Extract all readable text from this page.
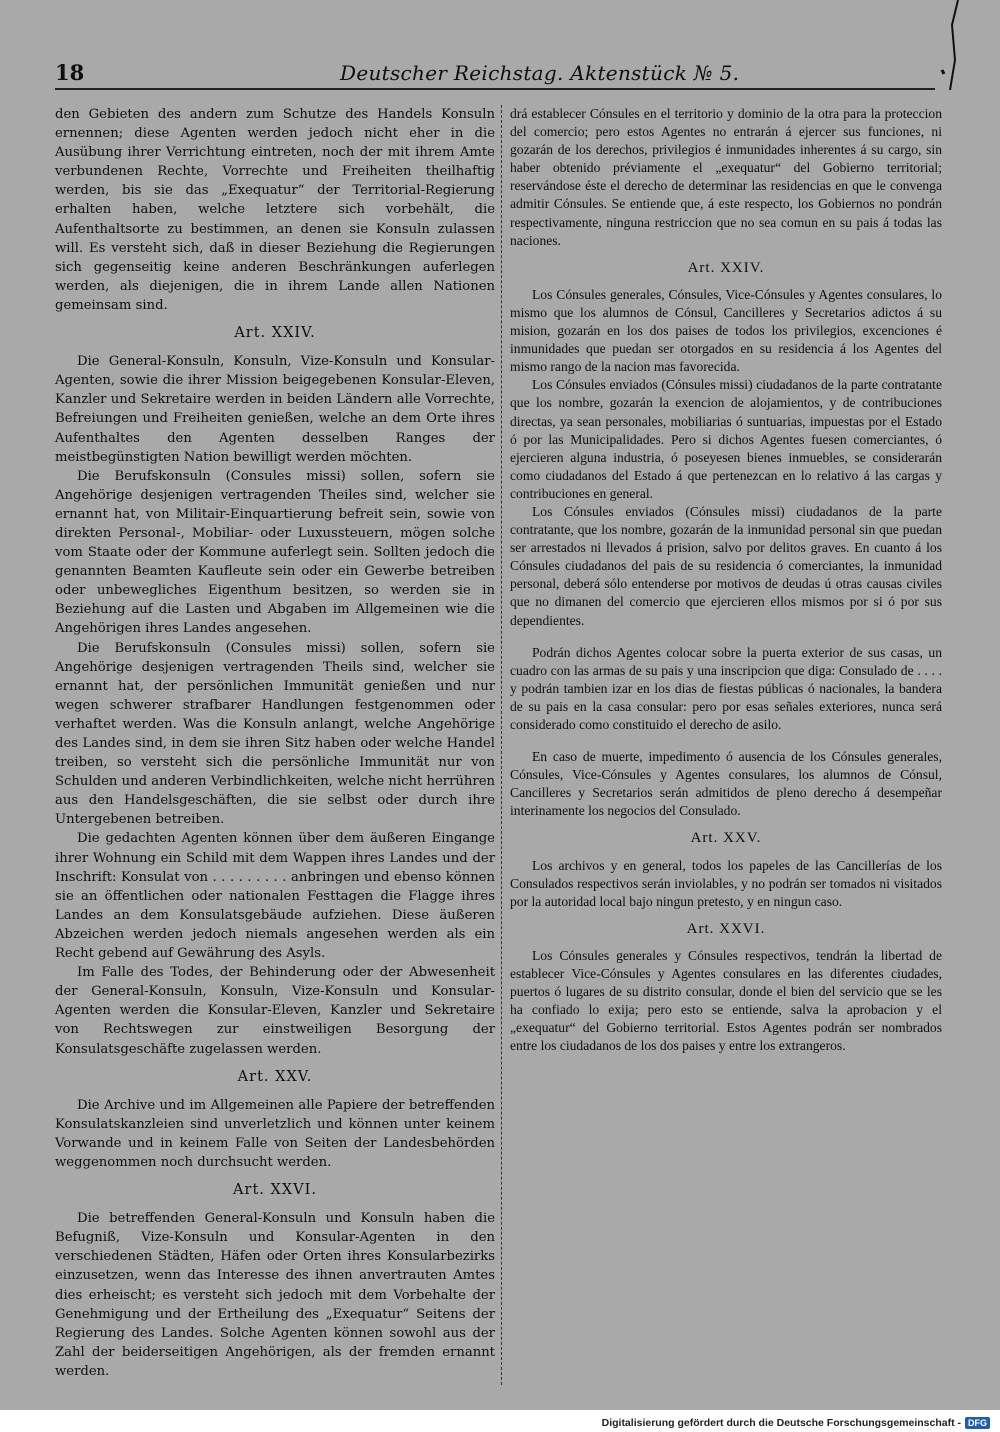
18	Deutscher Reichstag. Aktenstück № 5.

den Gebieten des andern zum Schutze des Handels Konsuln ernennen; diese Agenten werden jedoch nicht eher in die Ausübung ihrer Verrichtung eintreten, noch der mit ihrem Amte verbundenen Rechte, Vorrechte und Freiheiten theilhaftig werden, bis sie das „Exequatur“ der Territorial-Regierung erhalten haben, welche letztere sich vorbehält, die Aufenthaltsorte zu bestimmen, an denen sie Konsuln zulassen will. Es versteht sich, daß in dieser Beziehung die Regierungen sich gegenseitig keine anderen Beschränkungen auferlegen werden, als diejenigen, die in ihrem Lande allen Nationen gemeinsam sind.

Art. XXIV.

Die General-Konsuln, Konsuln, Vize-Konsuln und Konsular-Agenten, sowie die ihrer Mission beigegebenen Konsular-Eleven, Kanzler und Sekretaire werden in beiden Ländern alle Vorrechte, Befreiungen und Freiheiten genießen, welche an dem Orte ihres Aufenthaltes den Agenten desselben Ranges der meistbegünstigten Nation bewilligt werden möchten.

Die Berufskonsuln (Consules missi) sollen, sofern sie Angehörige desjenigen vertragenden Theiles sind, welcher sie ernannt hat, von Militair-Einquartierung befreit sein, sowie von direkten Personal-, Mobiliar- oder Luxussteuern, mögen solche vom Staate oder der Kommune auferlegt sein. Sollten jedoch die genannten Beamten Kaufleute sein oder ein Gewerbe betreiben oder unbewegliches Eigenthum besitzen, so werden sie in Beziehung auf die Lasten und Abgaben im Allgemeinen wie die Angehörigen ihres Landes angesehen.

Die Berufskonsuln (Consules missi) sollen, sofern sie Angehörige desjenigen vertragenden Theils sind, welcher sie ernannt hat, der persönlichen Immunität genießen und nur wegen schwerer strafbarer Handlungen festgenommen oder verhaftet werden. Was die Konsuln anlangt, welche Angehörige des Landes sind, in dem sie ihren Sitz haben oder welche Handel treiben, so versteht sich die persönliche Immunität nur von Schulden und anderen Verbindlichkeiten, welche nicht herrühren aus den Handelsgeschäften, die sie selbst oder durch ihre Untergebenen betreiben.

Die gedachten Agenten können über dem äußeren Eingange ihrer Wohnung ein Schild mit dem Wappen ihres Landes und der Inschrift: Konsulat von . . . . . . . . . anbringen und ebenso können sie an öffentlichen oder nationalen Festtagen die Flagge ihres Landes an dem Konsulatsgebäude aufziehen. Diese äußeren Abzeichen werden jedoch niemals angesehen werden als ein Recht gebend auf Gewährung des Asyls.

Im Falle des Todes, der Behinderung oder der Abwesenheit der General-Konsuln, Konsuln, Vize-Konsuln und Konsular-Agenten werden die Konsular-Eleven, Kanzler und Sekretaire von Rechtswegen zur einstweiligen Besorgung der Konsulatsgeschäfte zugelassen werden.

Art. XXV.

Die Archive und im Allgemeinen alle Papiere der betreffenden Konsulatskanzleien sind unverletzlich und können unter keinem Vorwande und in keinem Falle von Seiten der Landesbehörden weggenommen noch durchsucht werden.

Art. XXVI.

Die betreffenden General-Konsuln und Konsuln haben die Befugniß, Vize-Konsuln und Konsular-Agenten in den verschiedenen Städten, Häfen oder Orten ihres Konsularbezirks einzusetzen, wenn das Interesse des ihnen anvertrauten Amtes dies erheischt; es versteht sich jedoch mit dem Vorbehalte der Genehmigung und der Ertheilung des „Exequatur“ Seitens der Regierung des Landes. Solche Agenten können sowohl aus der Zahl der beiderseitigen Angehörigen, als der fremden ernannt werden.

drá establecer Cónsules en el territorio y dominio de la otra para la proteccion del comercio; pero estos Agentes no entrarán á ejercer sus funciones, ni gozarán de los derechos, privilegios é inmunidades inherentes á su cargo, sin haber obtenido préviamente el „exequatur“ del Gobierno territorial; reservándose éste el derecho de determinar las residencias en que le convenga admitir Cónsules. Se entiende que, á este respecto, los Gobiernos no pondrán respectivamente, ninguna restriccion que no sea comun en su pais á todas las naciones.

Art. XXIV.

Los Cónsules generales, Cónsules, Vice-Cónsules y Agentes consulares, lo mismo que los alumnos de Cónsul, Cancilleres y Secretarios adictos á su mision, gozarán en los dos paises de todos los privilegios, excenciones é inmunidades que puedan ser otorgados en su residencia á los Agentes del mismo rango de la nacion mas favorecida.

Los Cónsules enviados (Cónsules missi) ciudadanos de la parte contratante que los nombre, gozarán la exencion de alojamientos, y de contribuciones directas, ya sean personales, mobiliarias ó suntuarias, impuestas por el Estado ó por las Municipalidades. Pero si dichos Agentes fuesen comerciantes, ó ejercieren alguna industria, ó poseyesen bienes inmuebles, se considerarán como ciudadanos del Estado á que pertenezcan en lo relativo á las cargas y contribuciones en general.

Los Cónsules enviados (Cónsules missi) ciudadanos de la parte contratante, que los nombre, gozarán de la inmunidad personal sin que puedan ser arrestados ni llevados á prision, salvo por delitos graves. En cuanto á los Cónsules ciudadanos del pais de su residencia ó comerciantes, la inmunidad personal, deberá sólo entenderse por motivos de deudas ú otras causas civiles que no dimanen del comercio que ejercieren ellos mismos por si ó por sus dependientes.

Podrán dichos Agentes colocar sobre la puerta exterior de sus casas, un cuadro con las armas de su pais y una inscripcion que diga: Consulado de . . . . y podrán tambien izar en los dias de fiestas públicas ó nacionales, la bandera de su pais en la casa consular: pero por esas señales exteriores, nunca será considerado como constituido el derecho de asilo.

En caso de muerte, impedimento ó ausencia de los Cónsules generales, Cónsules, Vice-Cónsules y Agentes consulares, los alumnos de Cónsul, Cancilleres y Secretarios serán admitidos de pleno derecho á desempeñar interinamente los negocios del Consulado.

Art. XXV.

Los archivos y en general, todos los papeles de las Cancillerías de los Consulados respectivos serán inviolables, y no podrán ser tomados ni visitados por la autoridad local bajo ningun pretesto, y en ningun caso.

Art. XXVI.

Los Cónsules generales y Cónsules respectivos, tendrán la libertad de establecer Vice-Cónsules y Agentes consulares en las diferentes ciudades, puertos ó lugares de su distrito consular, donde el bien del servicio que se les ha confiado lo exija; pero esto se entiende, salva la aprobacion y el „exequatur“ del Gobierno territorial. Estos Agentes podrán ser nombrados entre los ciudadanos de los dos paises y entre los extrangeros.

Digitalisierung gefördert durch die Deutsche Forschungsgemeinschaft - DFG
